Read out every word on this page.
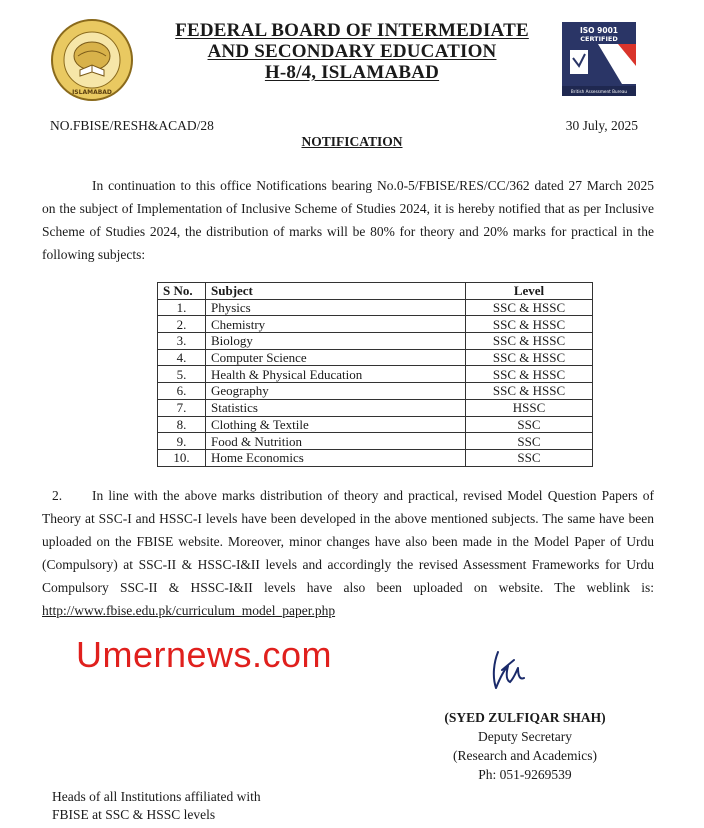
ISLAMABAD
FEDERAL BOARD OF INTERMEDIATE
AND SECONDARY EDUCATION
H-8/4, ISLAMABAD
ISO 9001
CERTIFIED
British Assessment Bureau
NO.FBISE/RESH&ACAD/28	30 July, 2025
NOTIFICATION
In continuation to this office Notifications bearing No.0-5/FBISE/RES/CC/362 dated 27 March 2025 on the subject of Implementation of Inclusive Scheme of Studies 2024, it is hereby notified that as per Inclusive Scheme of Studies 2024, the distribution of marks will be 80% for theory and 20% marks for practical in the following subjects:
S No.	Subject	Level
1.	Physics	SSC & HSSC
2.	Chemistry	SSC & HSSC
3.	Biology	SSC & HSSC
4.	Computer Science	SSC & HSSC
5.	Health & Physical Education	SSC & HSSC
6.	Geography	SSC & HSSC
7.	Statistics	HSSC
8.	Clothing & Textile	SSC
9.	Food & Nutrition	SSC
10.	Home Economics	SSC
2. In line with the above marks distribution of theory and practical, revised Model Question Papers of Theory at SSC-I and HSSC-I levels have been developed in the above mentioned subjects. The same have been uploaded on the FBISE website. Moreover, minor changes have also been made in the Model Paper of Urdu (Compulsory) at SSC-II & HSSC-I&II levels and accordingly the revised Assessment Frameworks for Urdu Compulsory SSC-II & HSSC-I&II levels have also been uploaded on website. The weblink is: http://www.fbise.edu.pk/curriculum_model_paper.php
Umernews.com
(SYED ZULFIQAR SHAH)
Deputy Secretary
(Research and Academics)
Ph: 051-9269539
Heads of all Institutions affiliated with
FBISE at SSC & HSSC levels
